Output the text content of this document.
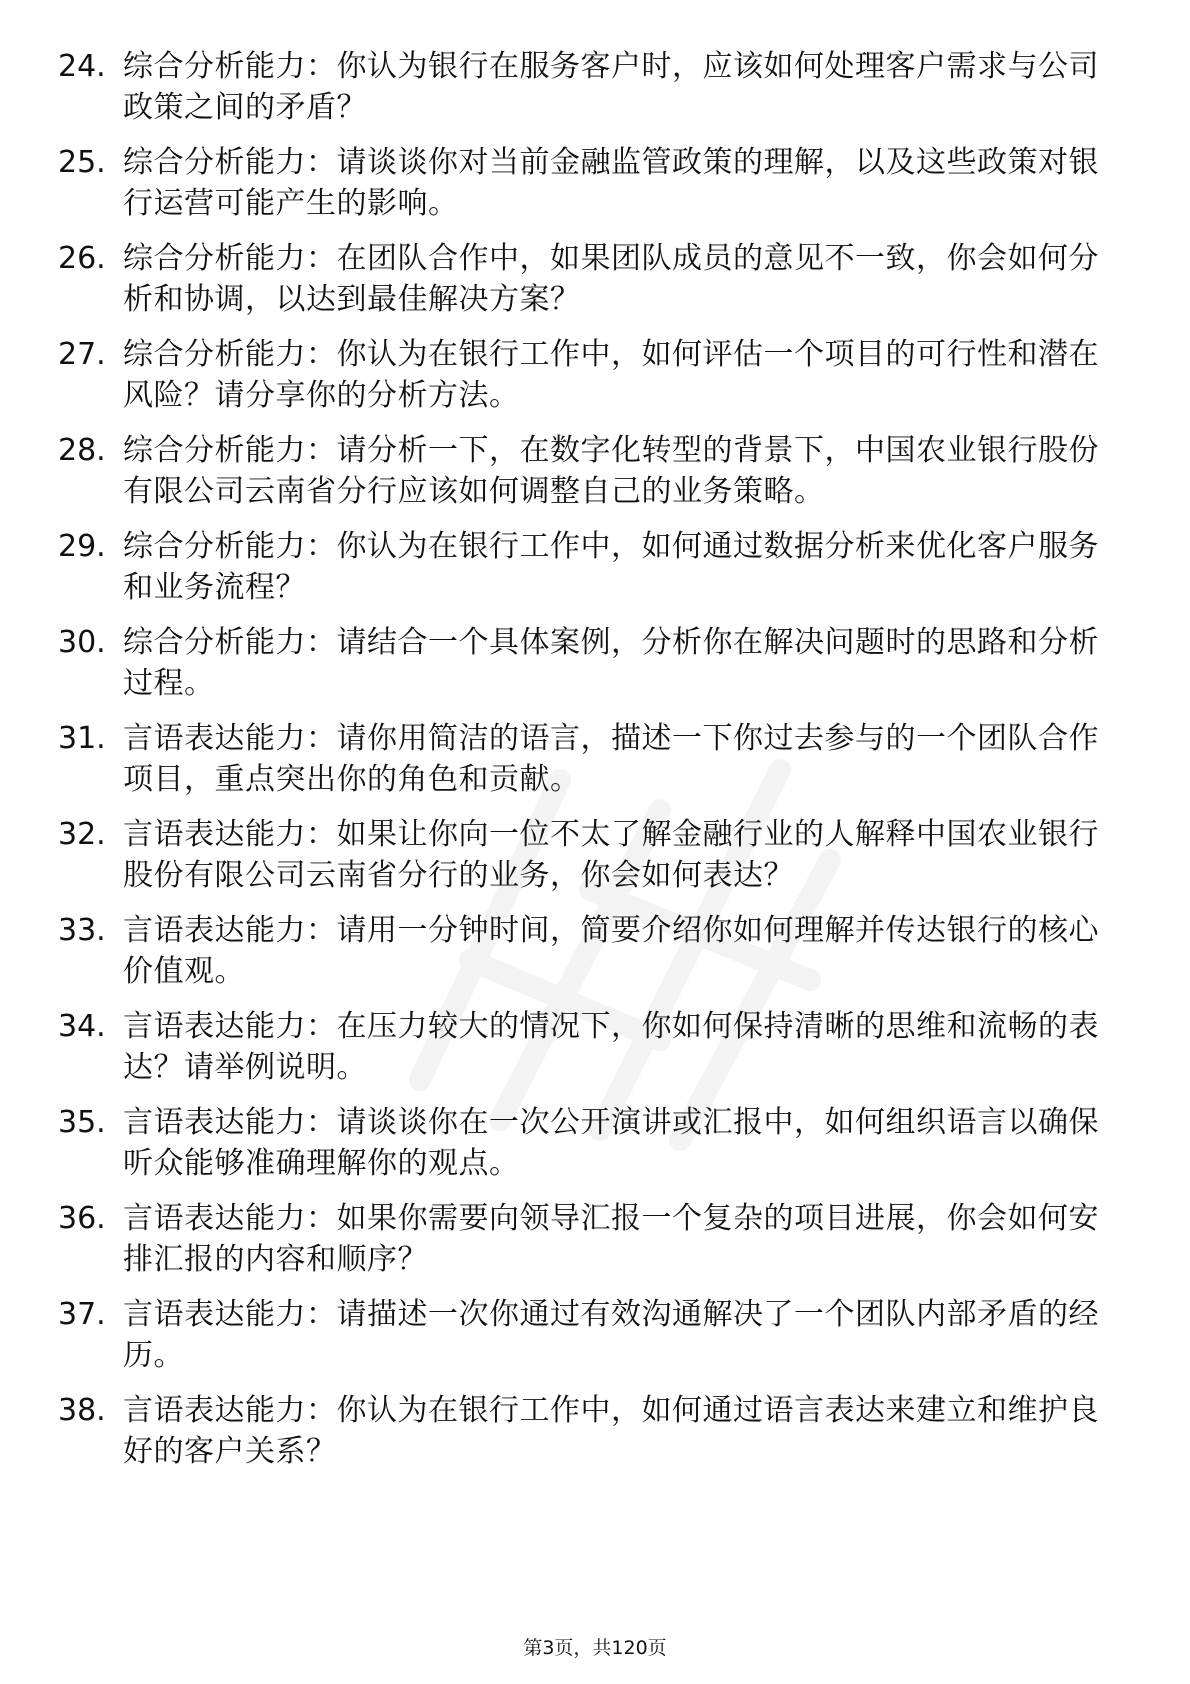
24. 综合分析能力：你认为银行在服务客户时，应该如何处理客户需求与公司政策之间的矛盾？
25. 综合分析能力：请谈谈你对当前金融监管政策的理解，以及这些政策对银行运营可能产生的影响。
26. 综合分析能力：在团队合作中，如果团队成员的意见不一致，你会如何分析和协调，以达到最佳解决方案？
27. 综合分析能力：你认为在银行工作中，如何评估一个项目的可行性和潜在风险？请分享你的分析方法。
28. 综合分析能力：请分析一下，在数字化转型的背景下，中国农业银行股份有限公司云南省分行应该如何调整自己的业务策略。
29. 综合分析能力：你认为在银行工作中，如何通过数据分析来优化客户服务和业务流程？
30. 综合分析能力：请结合一个具体案例，分析你在解决问题时的思路和分析过程。
31. 言语表达能力：请你用简洁的语言，描述一下你过去参与的一个团队合作项目，重点突出你的角色和贡献。
32. 言语表达能力：如果让你向一位不太了解金融行业的人解释中国农业银行股份有限公司云南省分行的业务，你会如何表达？
33. 言语表达能力：请用一分钟时间，简要介绍你如何理解并传达银行的核心价值观。
34. 言语表达能力：在压力较大的情况下，你如何保持清晰的思维和流畅的表达？请举例说明。
35. 言语表达能力：请谈谈你在一次公开演讲或汇报中，如何组织语言以确保听众能够准确理解你的观点。
36. 言语表达能力：如果你需要向领导汇报一个复杂的项目进展，你会如何安排汇报的内容和顺序？
37. 言语表达能力：请描述一次你通过有效沟通解决了一个团队内部矛盾的经历。
38. 言语表达能力：你认为在银行工作中，如何通过语言表达来建立和维护良好的客户关系？
第3页，共120页
